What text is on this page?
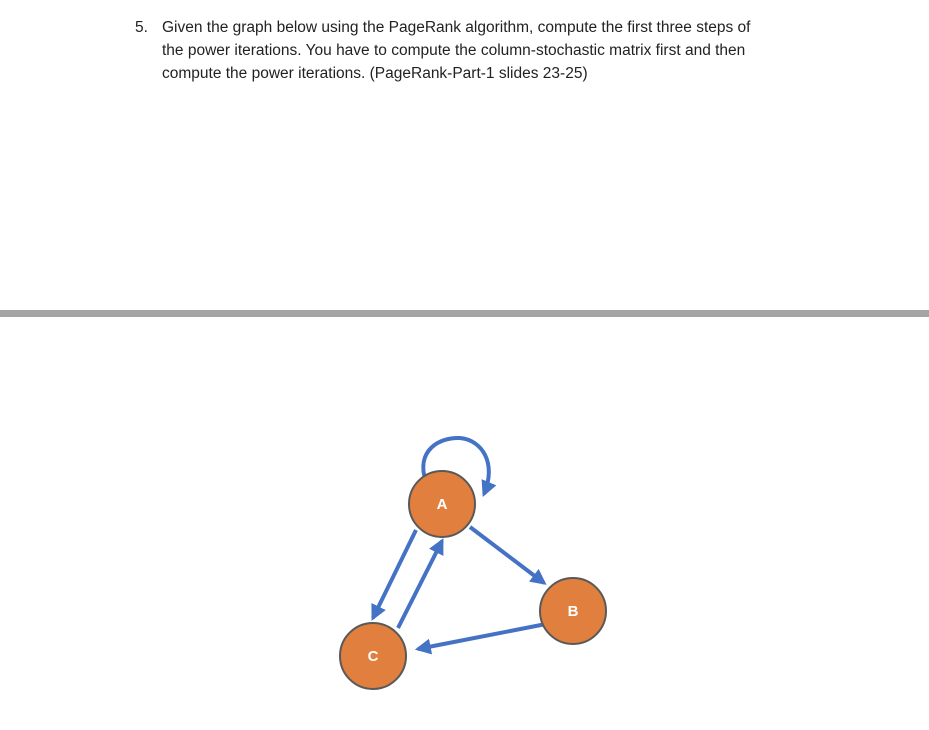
5. Given the graph below using the PageRank algorithm, compute the first three steps of
the power iterations. You have to compute the column-stochastic matrix first and then
compute the power iterations. (PageRank-Part-1 slides 23-25)
A
B
C
